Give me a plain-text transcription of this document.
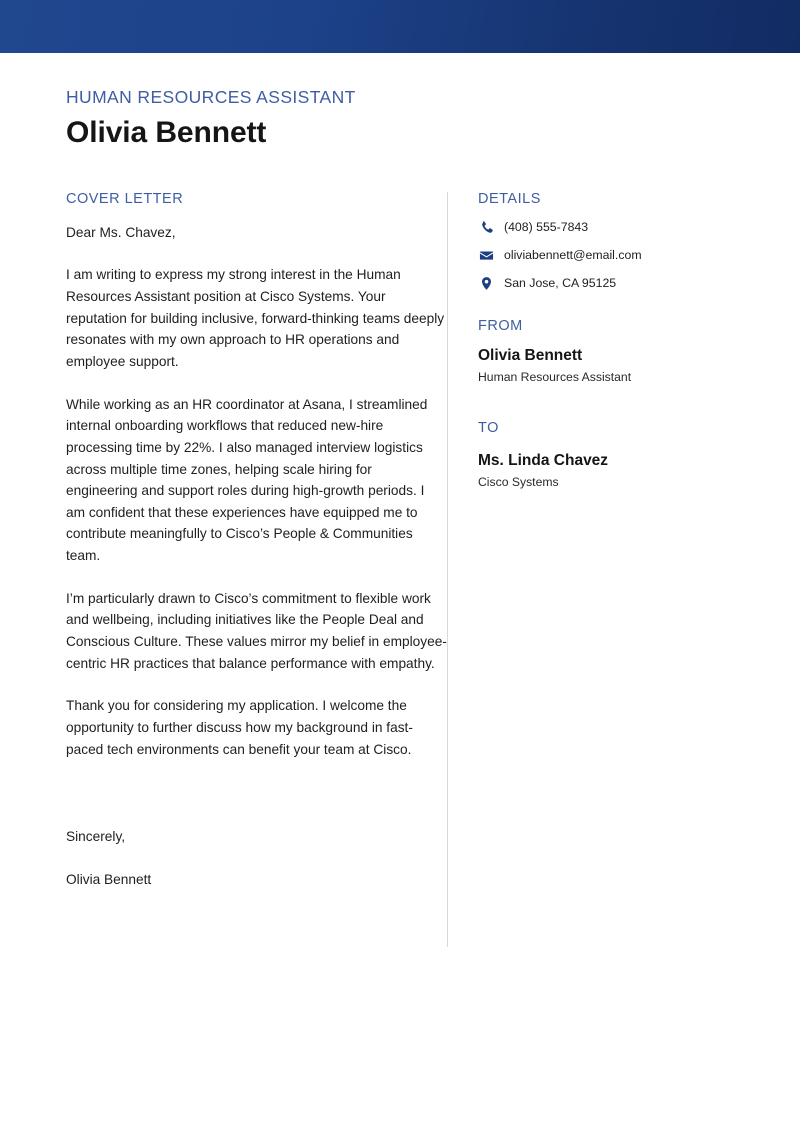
HUMAN RESOURCES ASSISTANT
Olivia Bennett
COVER LETTER
Dear Ms. Chavez,
I am writing to express my strong interest in the Human Resources Assistant position at Cisco Systems. Your reputation for building inclusive, forward-thinking teams deeply resonates with my own approach to HR operations and employee support.
While working as an HR coordinator at Asana, I streamlined internal onboarding workflows that reduced new-hire processing time by 22%. I also managed interview logistics across multiple time zones, helping scale hiring for engineering and support roles during high-growth periods. I am confident that these experiences have equipped me to contribute meaningfully to Cisco’s People & Communities team.
I’m particularly drawn to Cisco’s commitment to flexible work and wellbeing, including initiatives like the People Deal and Conscious Culture. These values mirror my belief in employee-centric HR practices that balance performance with empathy.
Thank you for considering my application. I welcome the opportunity to further discuss how my background in fast-paced tech environments can benefit your team at Cisco.
Sincerely,
Olivia Bennett
DETAILS
(408) 555-7843
oliviabennett@email.com
San Jose, CA 95125
FROM
Olivia Bennett
Human Resources Assistant
TO
Ms. Linda Chavez
Cisco Systems
